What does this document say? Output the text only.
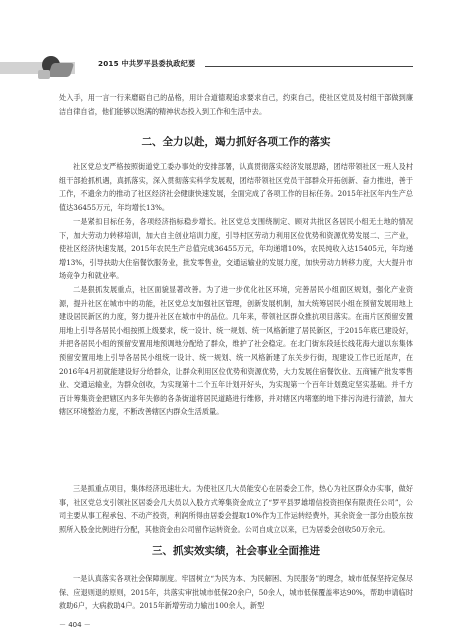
2015 中共罗平县委执政纪要

处入手，用一言一行来磨砺自己的品格，用计合道德观追求要求自己，约束自己，使社区党员及村组干部做到廉洁自律自省，他们能够以饱满的精神状态投入到工作和生活中去。

二、全力以赴，竭力抓好各项工作的落实

社区党总支严格按照街道党工委办事处的安排部署，认真贯彻落实经济发展思路，团结带领社区一班人及村组干部抢抓机遇，真抓落实，深入贯彻落实科学发展观，团结带领社区党员干部群众开拓创新、奋力推进，善于工作，不遗余力的推动了社区经济社会健康快速发展，全面完成了各项工作的目标任务。2015年社区年内生产总值达36455万元，年均增长13%。

一是紧扣目标任务，各项经济指标稳步增长。社区党总支围绕制定、顾对共批区各居民小组无土地的情况下，加大劳动力转移培训，加大自主创业培训力度，引导村区劳动力利用区位优势和资源优势发展二、三产业，使社区经济快速发展，2015年农民生产总值完成36455万元，年均递增10%，农民纯收入达15405元，年均递增13%，引导扶助大住宿餐饮服务业，批发零售业，交通运输业的发展力度，加快劳动力转移力度，大大提升市场竞争力和就业率。

二是狠抓发展重点，社区面貌显著改善。为了进一步优化社区环境，完善居民小组面区规划，强化产业资源，提升社区在城市中的功能，社区党总支加强社区管理，创新发展机制，加大统筹居民小组在预留发展用地上建设居民新区的力度，努力提升社区在城市中的品位。几年来，带领社区群众推抗项目落实。在南片区预留安置用地上引导各居民小组按照上级要求，统一设计、统一规划、统一风格新建了居民新区，于2015年底已建设好，并把各居民小组的预留安置用地预调地分配给了群众，维护了社会稳定。在北门街东段延长线花海大道以东集体预留安置用地上引导各居民小组统一设计、统一规划、统一风格新建了东关步行街，现建设工作已近尾声，在2016年4月初就能建设好分给群众，让群众利用区位优势和资源优势，大力发展住宿餐饮业、五商铺产批发零售业、交通运输业，为群众创收，为实现第十二个五年计划开好头，为实现第一个百年计划奠定坚实基础。并千方百计筹集资金把辖区内多年失修的各条街道将居民道路进行维修，并对辖区内堵塞的地下排污沟进行清淤，加大辖区环境整治力度，不断改善辖区内群众生活质量。

三是抓重点项目，集体经济迅速壮大。为使社区几大员能安心在居委会工作，热心为社区群众办实事，做好事，社区党总支引领社区居委会几大员以入股方式筹集资金成立了“罗平县罗雄增信投资担保有限责任公司”，公司主要从事工程承包、不动产投资，利润所得由居委会提取10%作为工作运转经费外，其余资金一部分由股东按照所入股金比例进行分配，其他资金由公司留作运转资金。公司自成立以来，已为居委会创收50万余元。

三、抓实效实绩，社会事业全面推进

一是认真落实各项社会保障制度。牢固树立“为民为本、为民解困、为民服务”的理念，城市低保坚持定保尽保、应退则退的原则，2015年，共落实审批城市低保20余户，50余人，城市低保覆盖率达90%，帮助申请临时救助6户，大病救助4户。2015年新增劳动力输出100余人，新型

－ 404 －
